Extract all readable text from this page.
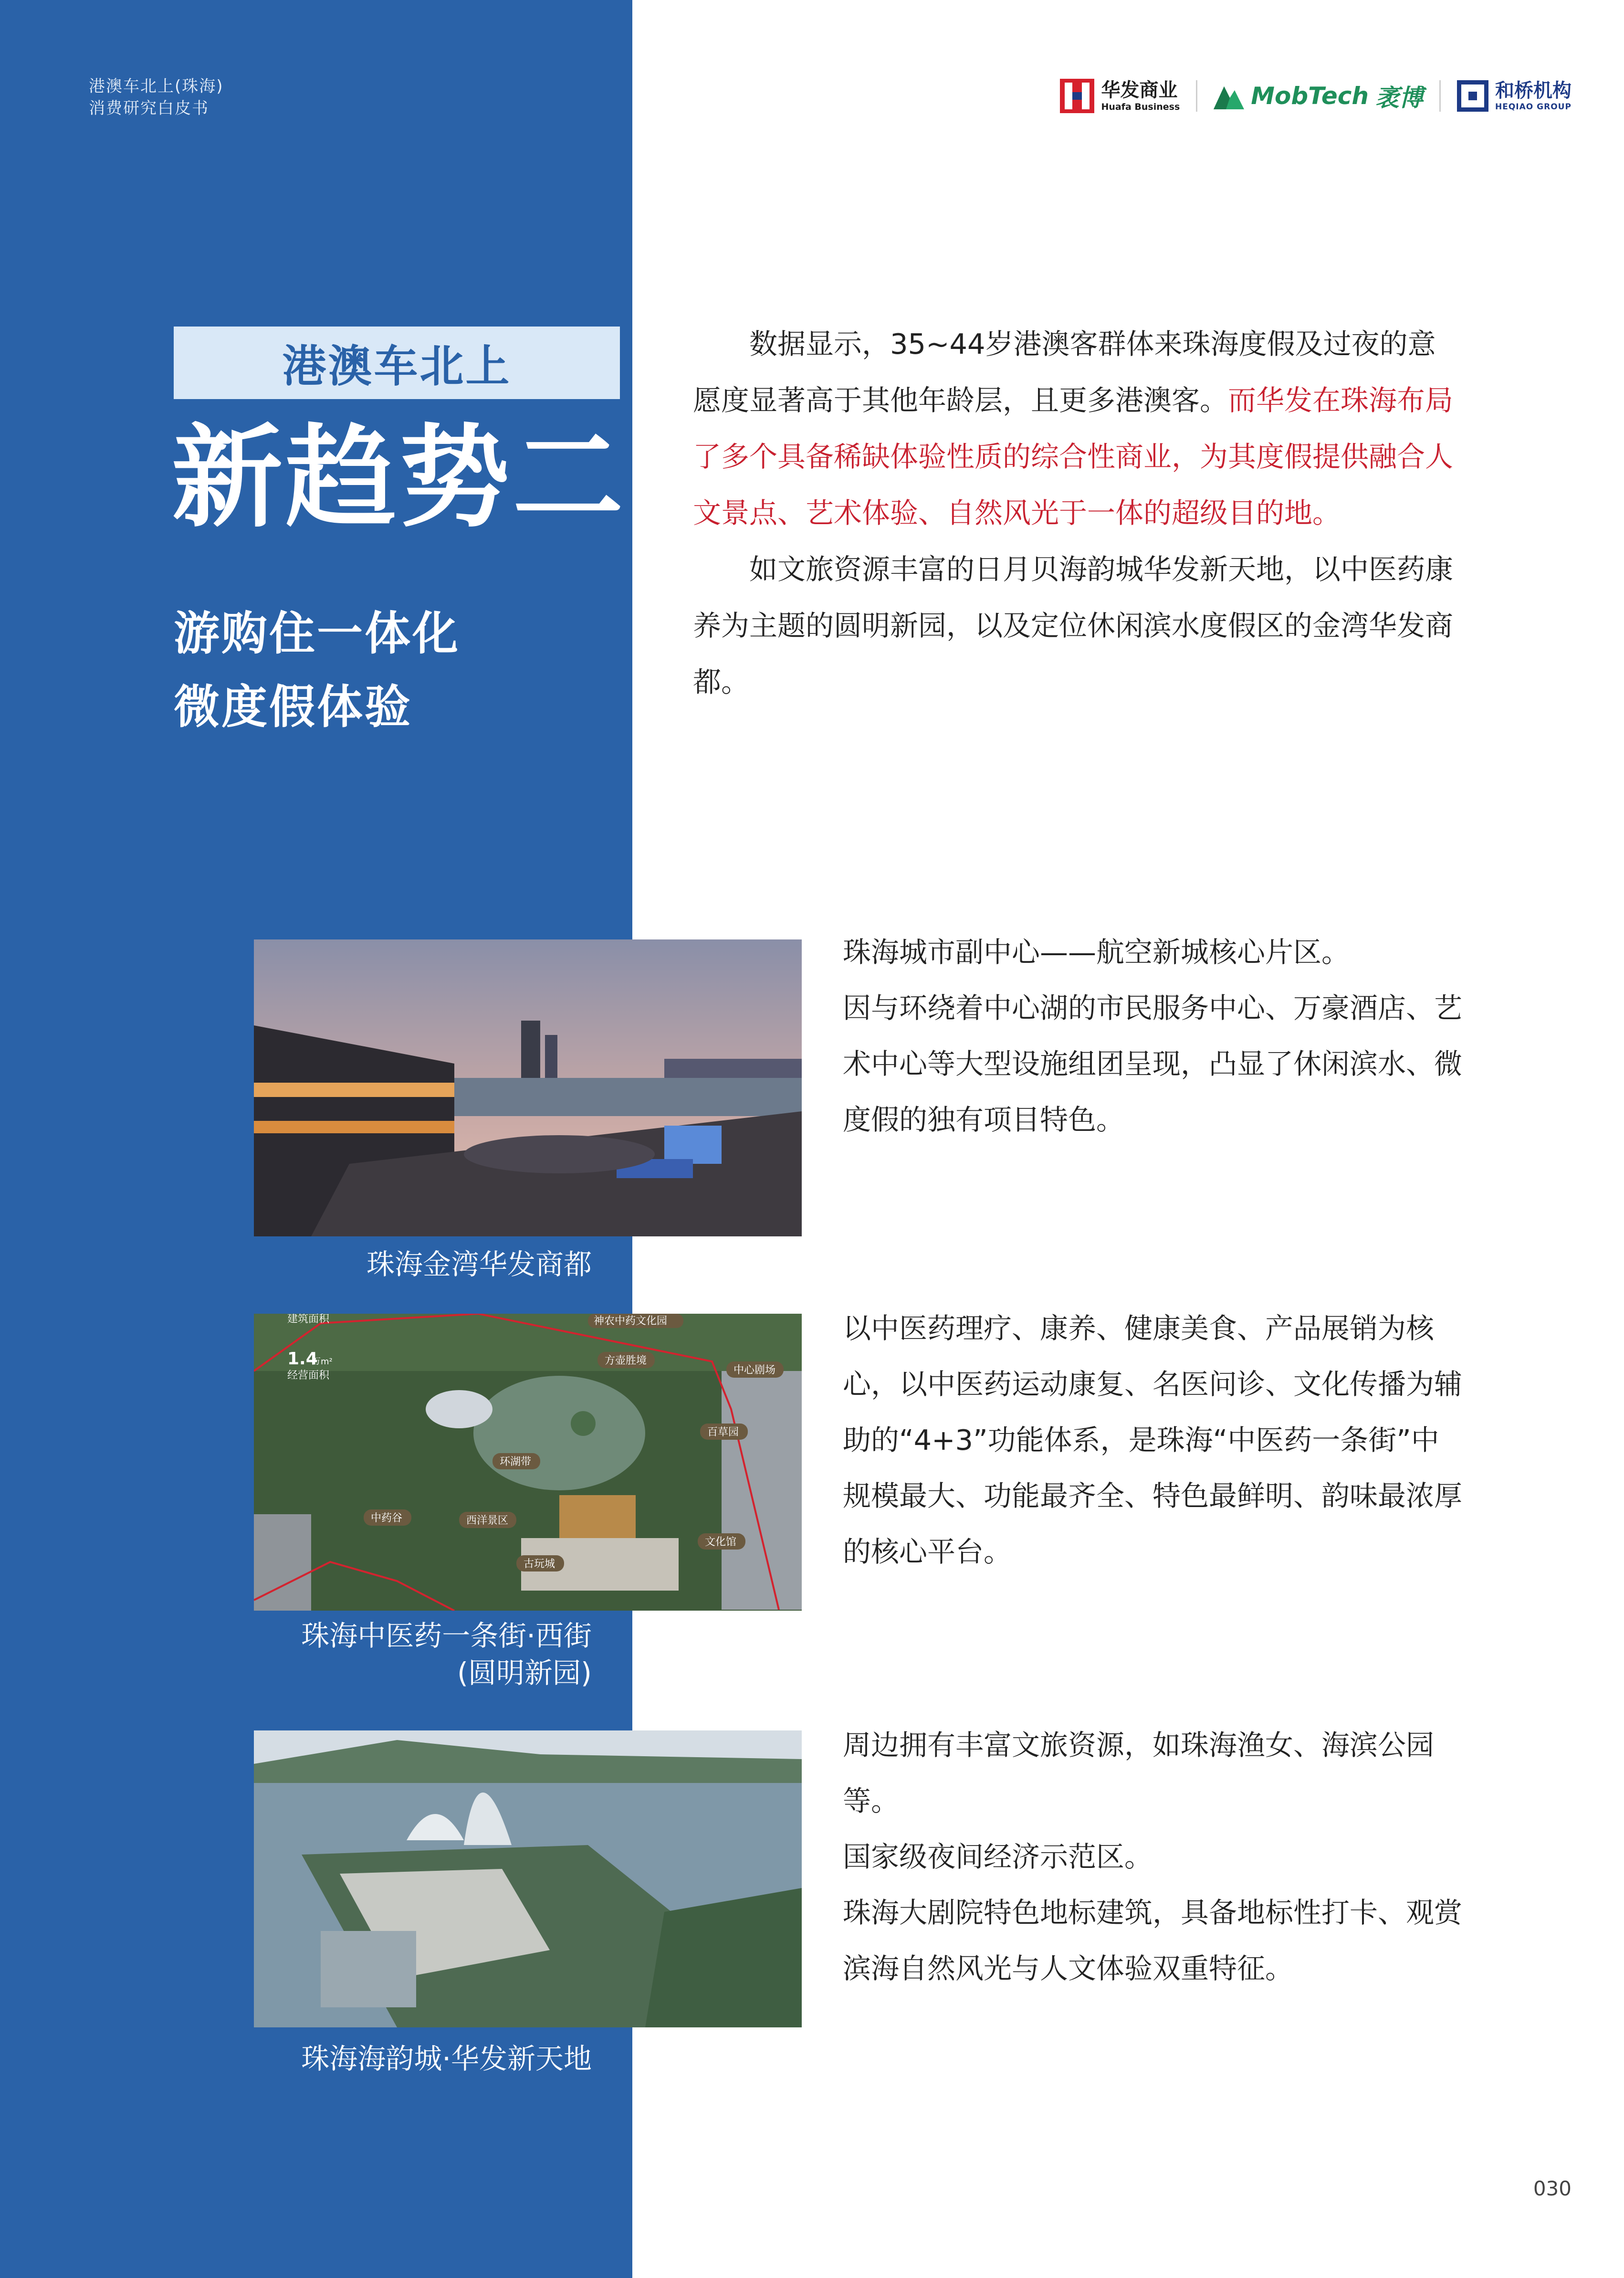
港澳车北上(珠海)
消费研究白皮书
华发商业
Huafa Business	MobTech 袤博	和桥机构
HEQIAO GROUP
港澳车北上
新趋势二
游购住一体化
微度假体验

数据显示，35~44岁港澳客群体来珠海度假及过夜的意愿度显著高于其他年龄层，且更多港澳客。而华发在珠海布局了多个具备稀缺体验性质的综合性商业，为其度假提供融合人文景点、艺术体验、自然风光于一体的超级目的地。

如文旅资源丰富的日月贝海韵城华发新天地，以中医药康养为主题的圆明新园，以及定位休闲滨水度假区的金湾华发商都。

珠海金湾华发商都

珠海城市副中心——航空新城核心片区。

因与环绕着中心湖的市民服务中心、万豪酒店、艺术中心等大型设施组团呈现，凸显了休闲滨水、微度假的独有项目特色。

建筑面积
1.4
万m²
经营面积
神农中药文化园
方壶胜境
中心剧场
百草园
环湖带
中药谷	西洋景区
文化馆
古玩城
珠海中医药一条街·西街
(圆明新园)

以中医药理疗、康养、健康美食、产品展销为核心，以中医药运动康复、名医问诊、文化传播为辅助的“4+3”功能体系，是珠海“中医药一条街”中规模最大、功能最齐全、特色最鲜明、韵味最浓厚的核心平台。

珠海海韵城·华发新天地

周边拥有丰富文旅资源，如珠海渔女、海滨公园等。

国家级夜间经济示范区。

珠海大剧院特色地标建筑，具备地标性打卡、观赏滨海自然风光与人文体验双重特征。

030
